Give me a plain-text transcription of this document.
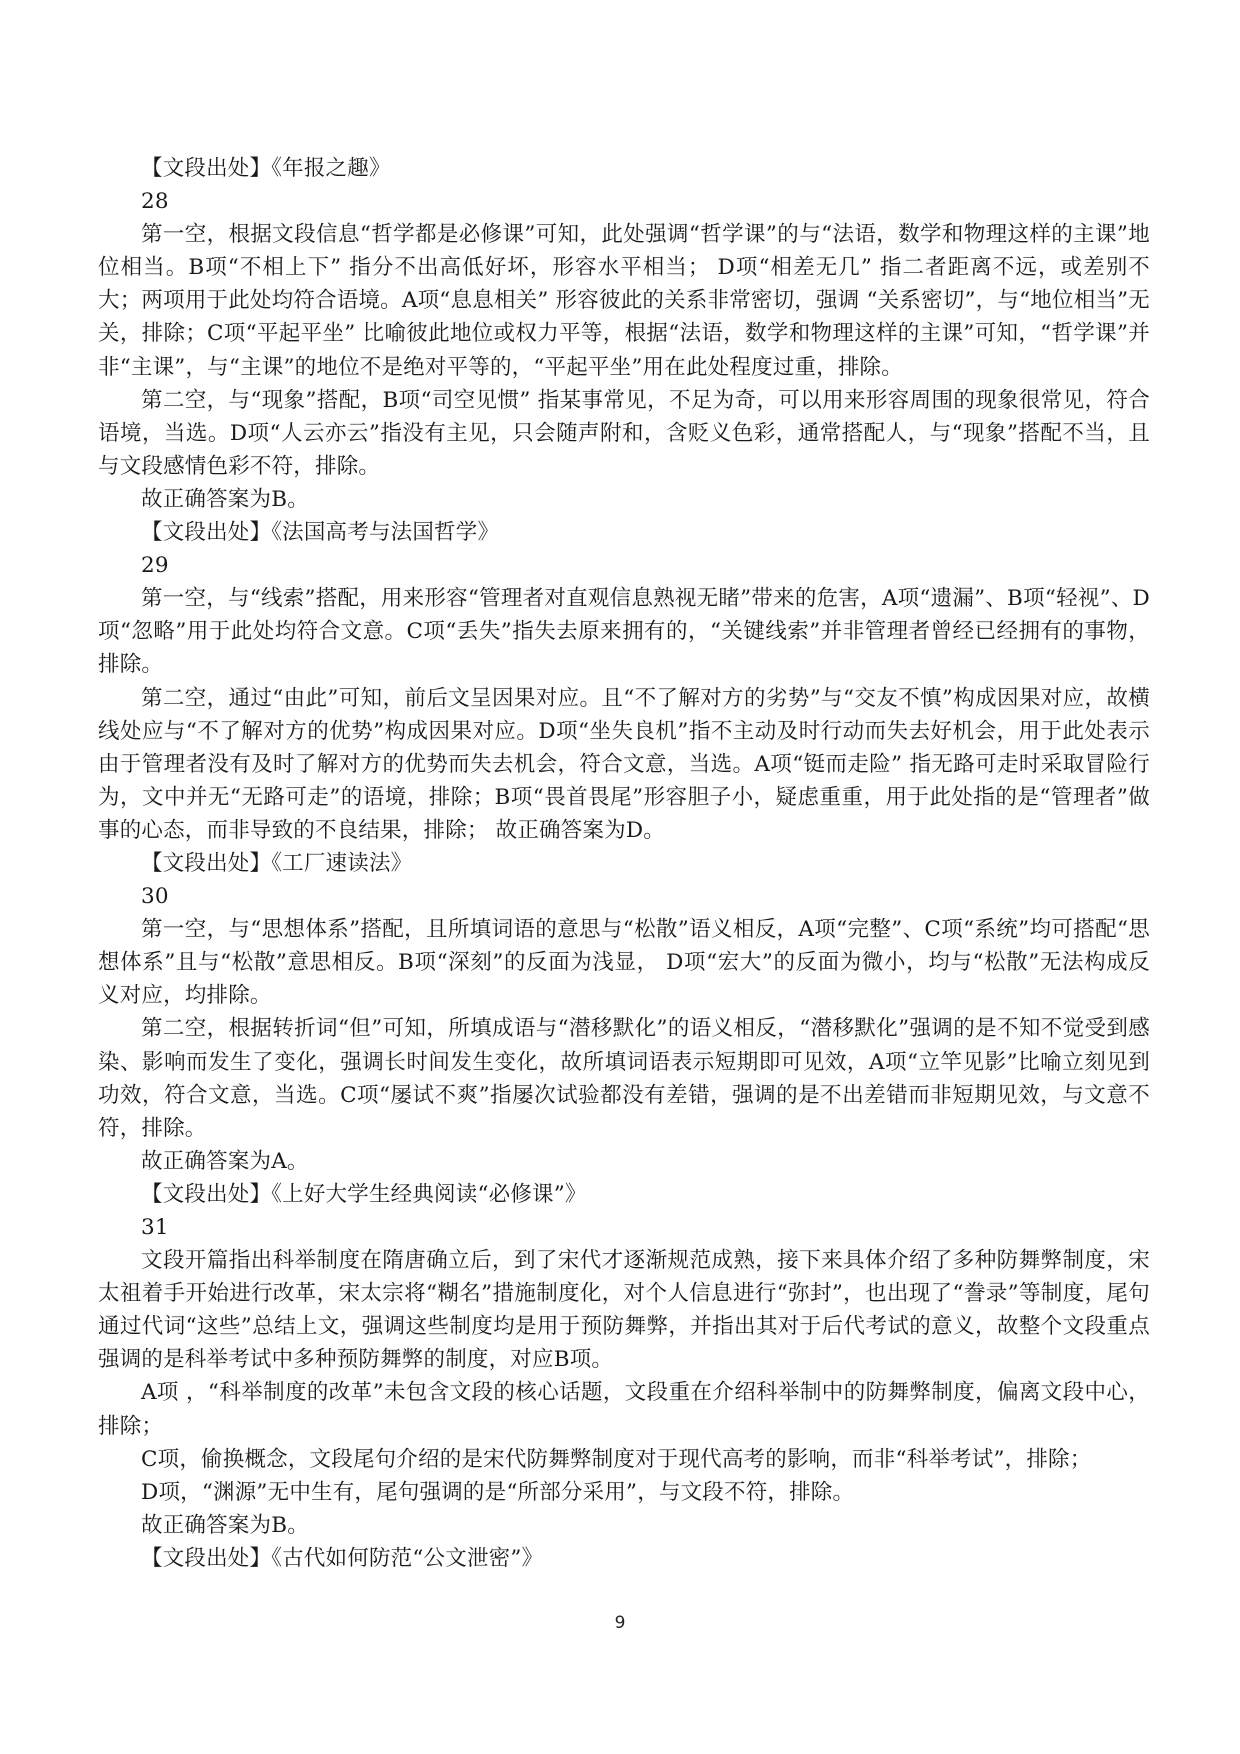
【文段出处】《年报之趣》

28

第一空，根据文段信息“哲学都是必修课”可知，此处强调“哲学课”的与“法语，数学和物理这样的主课”地位相当。B项“不相上下” 指分不出高低好坏，形容水平相当； D项“相差无几” 指二者距离不远，或差别不大；两项用于此处均符合语境。A项“息息相关” 形容彼此的关系非常密切，强调 “关系密切”，与“地位相当”无关，排除；C项“平起平坐” 比喻彼此地位或权力平等，根据“法语，数学和物理这样的主课”可知，“哲学课”并非“主课”，与“主课”的地位不是绝对平等的，“平起平坐”用在此处程度过重，排除。

第二空，与“现象”搭配，B项“司空见惯” 指某事常见，不足为奇，可以用来形容周围的现象很常见，符合语境，当选。D项“人云亦云”指没有主见，只会随声附和，含贬义色彩，通常搭配人，与“现象”搭配不当，且与文段感情色彩不符，排除。

故正确答案为B。

【文段出处】《法国高考与法国哲学》

29

第一空，与“线索”搭配，用来形容“管理者对直观信息熟视无睹”带来的危害，A项“遗漏”、B项“轻视”、D项“忽略”用于此处均符合文意。C项“丢失”指失去原来拥有的，“关键线索”并非管理者曾经已经拥有的事物，排除。

第二空，通过“由此”可知，前后文呈因果对应。且“不了解对方的劣势”与“交友不慎”构成因果对应，故横线处应与“不了解对方的优势”构成因果对应。D项“坐失良机”指不主动及时行动而失去好机会，用于此处表示由于管理者没有及时了解对方的优势而失去机会，符合文意，当选。A项“铤而走险” 指无路可走时采取冒险行为，文中并无“无路可走”的语境，排除；B项“畏首畏尾”形容胆子小，疑虑重重，用于此处指的是“管理者”做事的心态，而非导致的不良结果，排除； 故正确答案为D。

【文段出处】《工厂速读法》

30

第一空，与“思想体系”搭配，且所填词语的意思与“松散”语义相反，A项“完整”、C项“系统”均可搭配“思想体系”且与“松散”意思相反。B项“深刻”的反面为浅显， D项“宏大”的反面为微小，均与“松散”无法构成反义对应，均排除。

第二空，根据转折词“但”可知，所填成语与“潜移默化”的语义相反，“潜移默化”强调的是不知不觉受到感染、影响而发生了变化，强调长时间发生变化，故所填词语表示短期即可见效，A项“立竿见影”比喻立刻见到功效，符合文意，当选。C项“屡试不爽”指屡次试验都没有差错，强调的是不出差错而非短期见效，与文意不符，排除。

故正确答案为A。

【文段出处】《上好大学生经典阅读“必修课”》

31

文段开篇指出科举制度在隋唐确立后，到了宋代才逐渐规范成熟，接下来具体介绍了多种防舞弊制度，宋太祖着手开始进行改革，宋太宗将“糊名”措施制度化，对个人信息进行“弥封”，也出现了“誊录”等制度，尾句通过代词“这些”总结上文，强调这些制度均是用于预防舞弊，并指出其对于后代考试的意义，故整个文段重点强调的是科举考试中多种预防舞弊的制度，对应B项。

A项 ，“科举制度的改革”未包含文段的核心话题，文段重在介绍科举制中的防舞弊制度，偏离文段中心，排除；

C项，偷换概念，文段尾句介绍的是宋代防舞弊制度对于现代高考的影响，而非“科举考试”，排除；

D项，“渊源”无中生有，尾句强调的是“所部分采用”，与文段不符，排除。

故正确答案为B。

【文段出处】《古代如何防范“公文泄密”》

9
